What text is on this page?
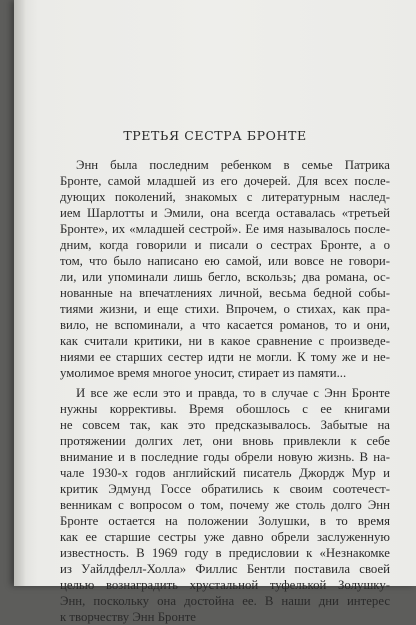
ТРЕТЬЯ СЕСТРА БРОНТЕ
Энн была последним ребенком в семье Патрика
Бронте, самой младшей из его дочерей. Для всех после-
дующих поколений, знакомых с литературным наслед-
ием Шарлотты и Эмили, она всегда оставалась «третьей
Бронте», их «младшей сестрой». Ее имя называлось после-
дним, когда говорили и писали о сестрах Бронте, а о
том, что было написано ею самой, или вовсе не говори-
ли, или упоминали лишь бегло, вскользь; два романа, ос-
нованные на впечатлениях личной, весьма бедной собы-
тиями жизни, и еще стихи. Впрочем, о стихах, как пра-
вило, не вспоминали, а что касается романов, то и они,
как считали критики, ни в какое сравнение с произведе-
ниями ее старших сестер идти не могли. К тому же и не-
умолимое время многое уносит, стирает из памяти...
И все же если это и правда, то в случае с Энн Бронте
нужны коррективы. Время обошлось с ее книгами
не совсем так, как это предсказывалось. Забытые на
протяжении долгих лет, они вновь привлекли к себе
внимание и в последние годы обрели новую жизнь. В на-
чале 1930-х годов английский писатель Джордж Мур и
критик Эдмунд Госсе обратились к своим соотечест-
венникам с вопросом о том, почему же столь долго Энн
Бронте остается на положении Золушки, в то время
как ее старшие сестры уже давно обрели заслуженную
известность. В 1969 году в предисловии к «Незнакомке
из Уайлдфелл-Холла» Филлис Бентли поставила своей
целью вознаградить хрустальной туфелькой Золушку-
Энн, поскольку она достойна ее. В наши дни интерес
к творчеству Энн Бронте
